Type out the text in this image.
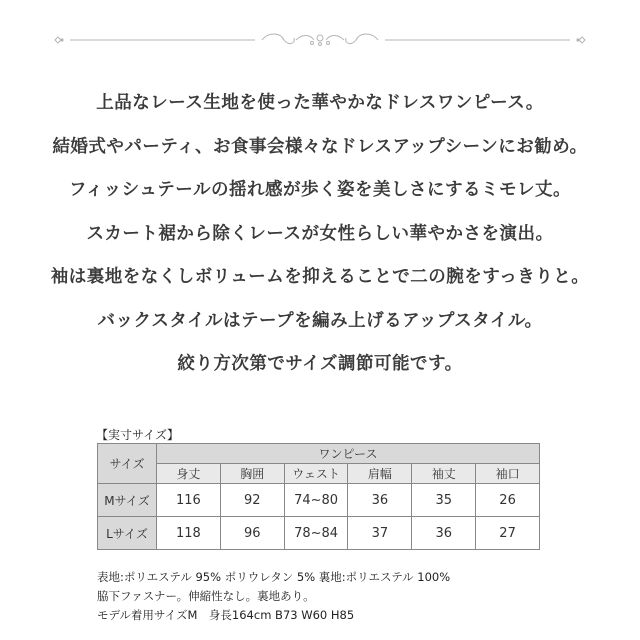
上品なレース生地を使った華やかなドレスワンピース。
結婚式やパーティ、お食事会様々なドレスアップシーンにお勧め。
フィッシュテールの揺れ感が歩く姿を美しさにするミモレ丈。
スカート裾から除くレースが女性らしい華やかさを演出。
袖は裏地をなくしボリュームを抑えることで二の腕をすっきりと。
バックスタイルはテープを編み上げるアップスタイル。
絞り方次第でサイズ調節可能です。
【実寸サイズ】
サイズ	ワンピース					
	身丈	胸囲	ウェスト	肩幅	袖丈	袖口
Mサイズ	116	92	74~80	36	35	26
Lサイズ	118	96	78~84	37	36	27
表地:ポリエステル 95% ポリウレタン 5% 裏地:ポリエステル 100%
脇下ファスナー。伸縮性なし。裏地あり。
モデル着用サイズM　身長164cm B73 W60 H85
